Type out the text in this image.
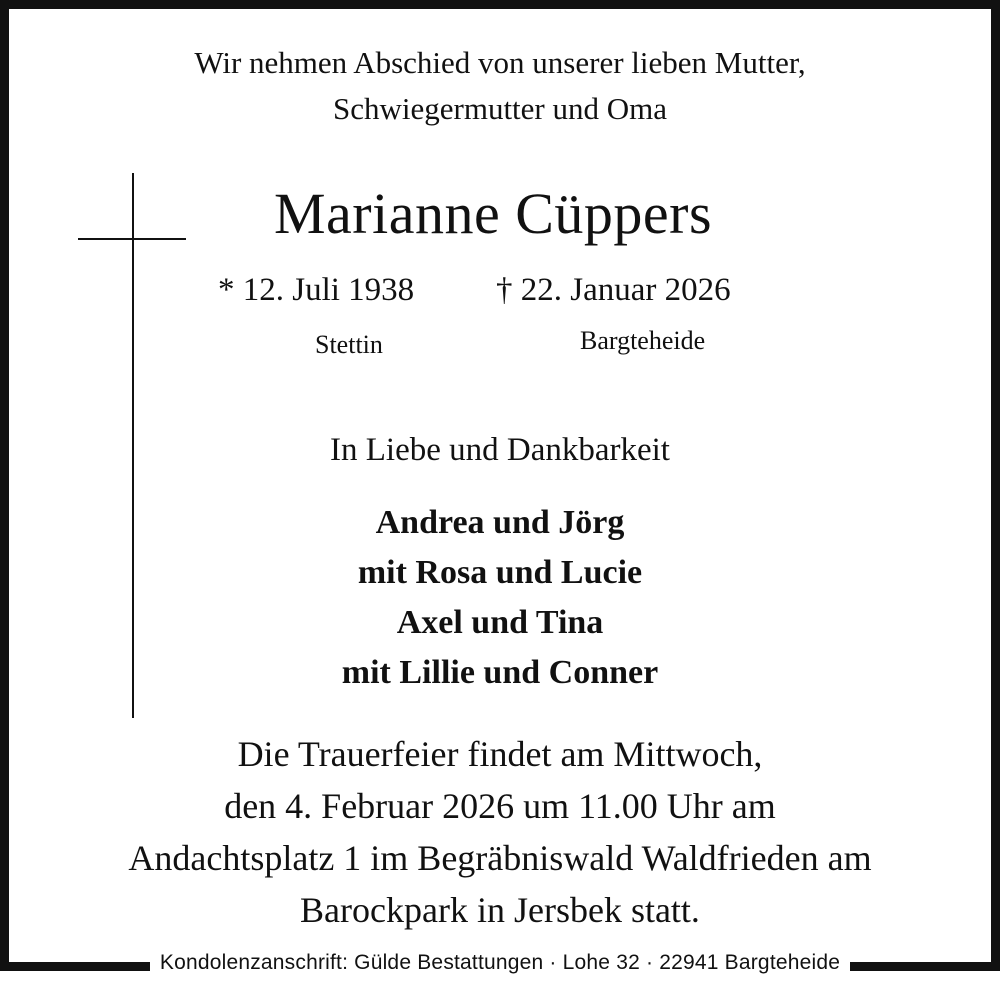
Wir nehmen Abschied von unserer lieben Mutter,
Schwiegermutter und Oma
Marianne Cüppers
* 12. Juli 1938 † 22. Januar 2026
Stettin	Bargteheide
In Liebe und Dankbarkeit
Andrea und Jörg
mit Rosa und Lucie
Axel und Tina
mit Lillie und Conner
Die Trauerfeier findet am Mittwoch,
den 4. Februar 2026 um 11.00 Uhr am
Andachtsplatz 1 im Begräbniswald Waldfrieden am
Barockpark in Jersbek statt.
Kondolenzanschrift: Gülde Bestattungen · Lohe 32 · 22941 Bargteheide
